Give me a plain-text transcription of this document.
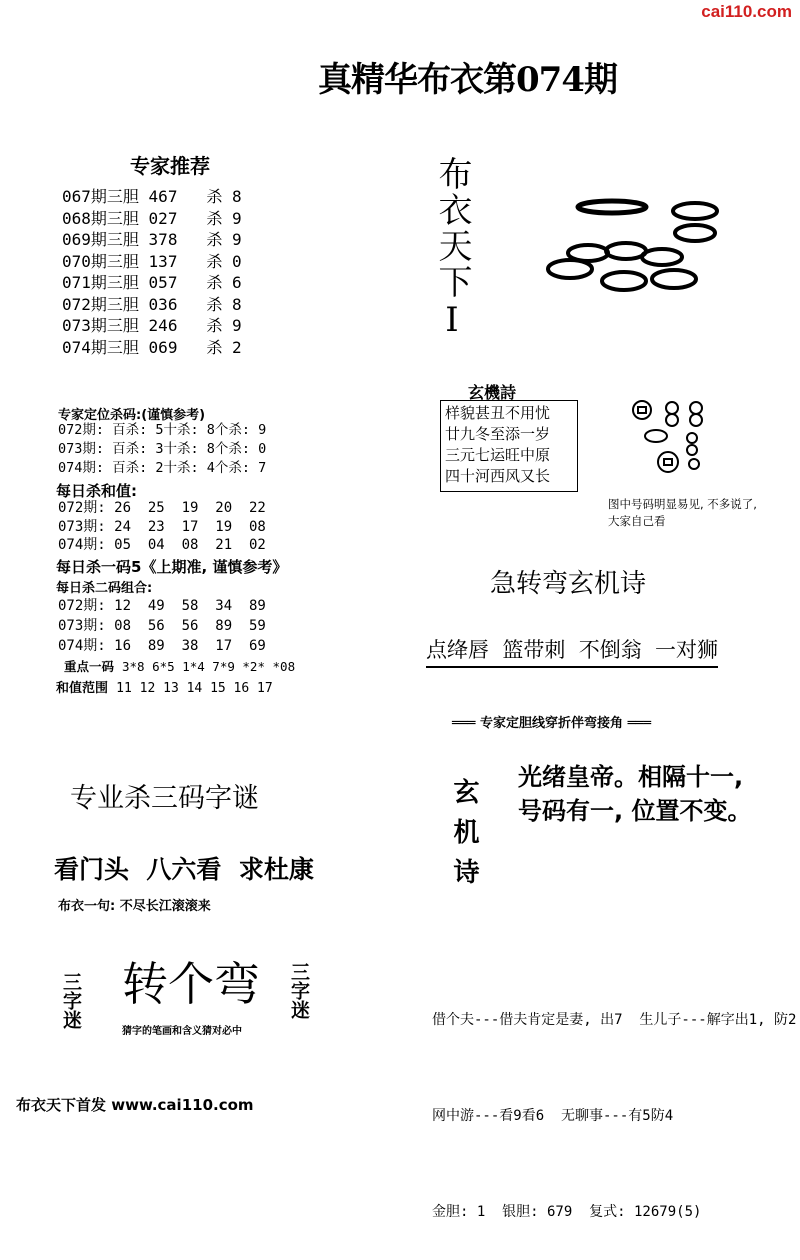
cai110.com
真精华布衣第074期
专家推荐
067期三胆 467 杀 8
068期三胆 027 杀 9
069期三胆 378 杀 9
070期三胆 137 杀 0
071期三胆 057 杀 6
072期三胆 036 杀 8
073期三胆 246 杀 9
074期三胆 069 杀 2
专家定位杀码:(谨慎参考)
072期: 百杀: 5十杀: 8个杀: 9
073期: 百杀: 3十杀: 8个杀: 0
074期: 百杀: 2十杀: 4个杀: 7
每日杀和值:
072期: 26  25  19  20  22
073期: 24  23  17  19  08
074期: 05  04  08  21  02
每日杀一码5《上期准, 谨慎参考》
每日杀二码组合:
072期: 12  49  58  34  89
073期: 08  56  56  89  59
074期: 16  89  38  17  69
重点一码 3*8 6*5 1*4 7*9 *2* *08
和值范围 11 12 13 14 15 16 17
专业杀三码字谜
看门头  八六看  求杜康
布衣一句: 不尽长江滚滚来
三字迷 转个弯 三字迷
猜字的笔画和含义猜对必中
布衣天下首发 www.cai110.com
布衣天下Ⅰ
玄機詩
样貌甚丑不用忧
廿九冬至添一岁
三元七运旺中原
四十河西风又长
图中号码明显易见, 不多说了, 大家自己看
急转弯玄机诗
点绛唇  篮带刺  不倒翁  一对狮
═══ 专家定胆线穿折伴弯接角 ═══
玄机诗
光绪皇帝。相隔十一,
号码有一, 位置不变。

借个夫---借夫肯定是妻, 出7  生儿子---解字出1, 防2

网中游---看9看6  无聊事---有5防4

金胆: 1  银胆: 679  复式: 12679(5)
